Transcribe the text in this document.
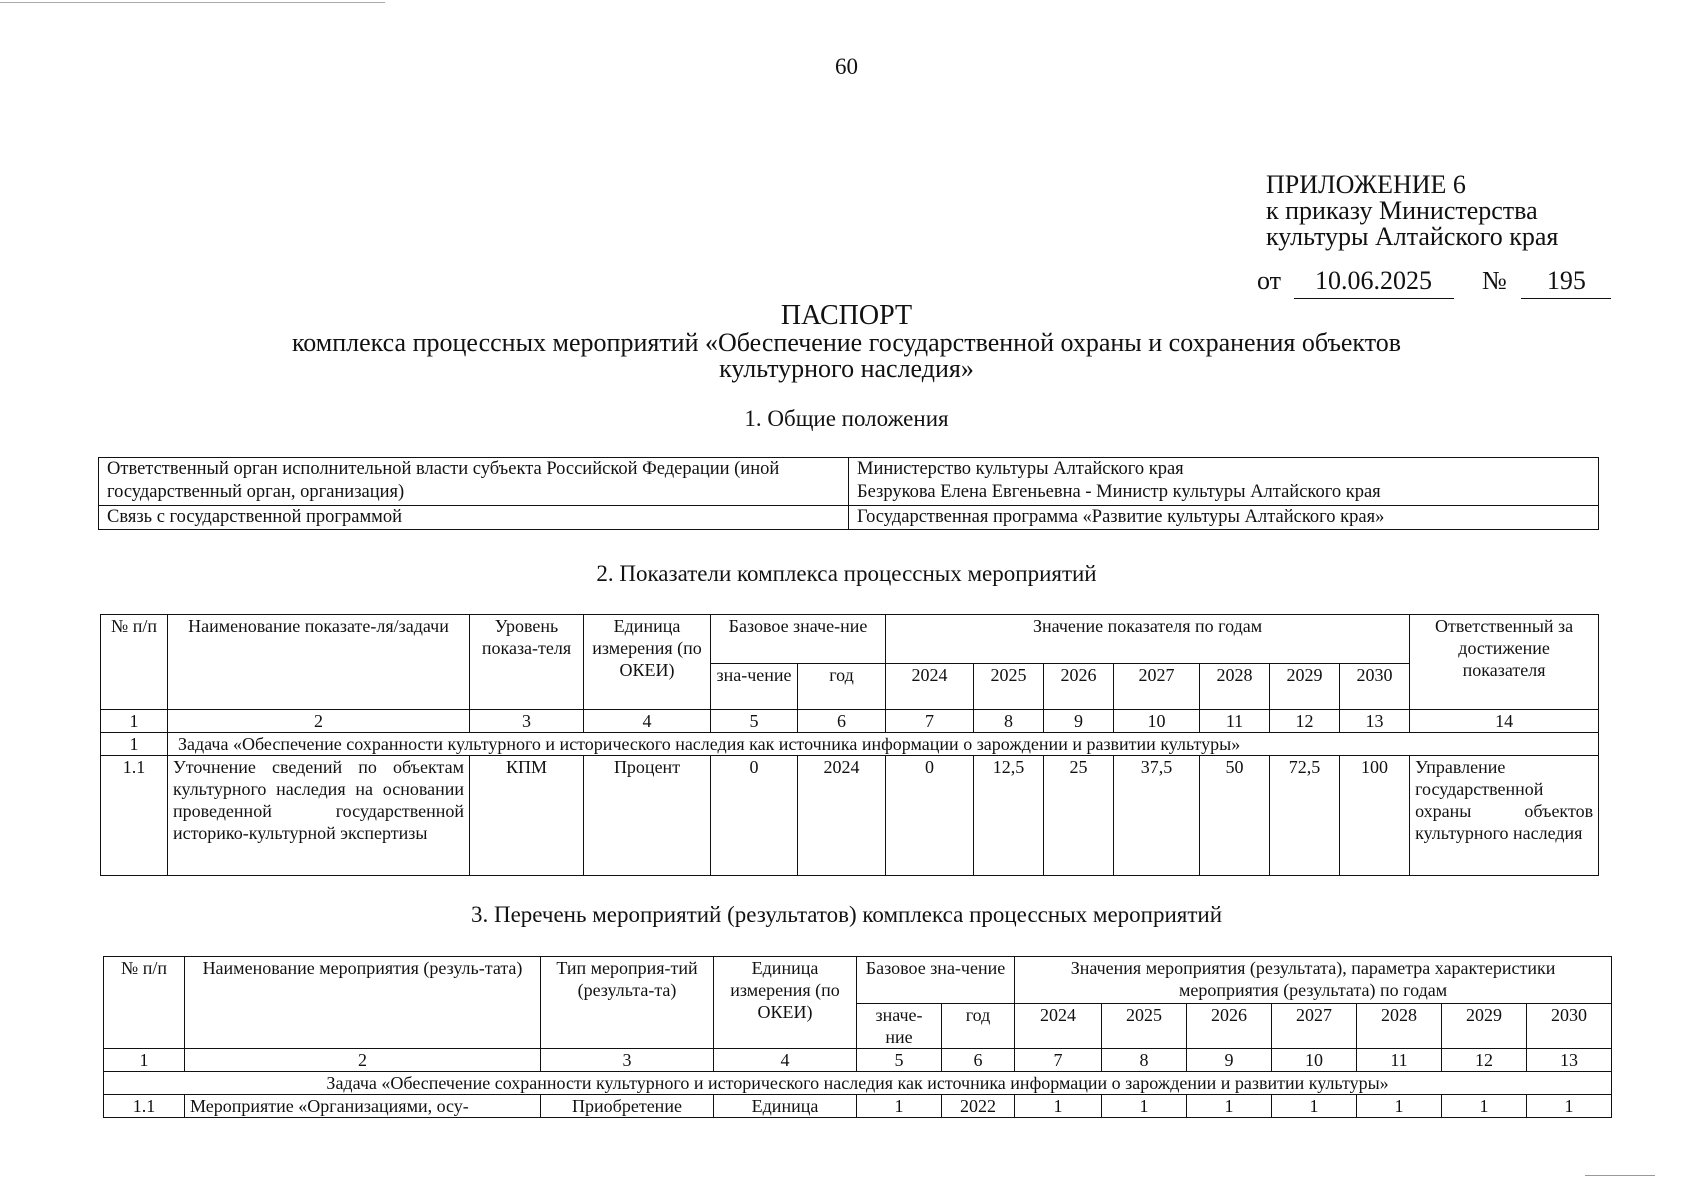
60
ПРИЛОЖЕНИЕ 6
к приказу Министерства
культуры Алтайского края
от 10.06.2025 № 195
ПАСПОРТ
комплекса процессных мероприятий «Обеспечение государственной охраны и сохранения объектов
культурного наследия»
1. Общие положения
Ответственный орган исполнительной власти субъекта Российской Федерации (иной государственный орган, организация)	Министерство культуры Алтайского края
Безрукова Елена Евгеньевна - Министр культуры Алтайского края

Связь с государственной программой	Государственная программа «Развитие культуры Алтайского края»
2. Показатели комплекса процессных мероприятий
№ п/п	Наименование показате-ля/задачи	Уровень показа-теля	Единица измерения (по ОКЕИ)	Базовое значе-ние		Значение показателя по годам							Ответственный за достижение показателя
				зна-чение	год	2024	2025	2026	2027	2028	2029	2030	
1	2	3	4	5	6	7	8	9	10	11	12	13	14
1	Задача «Обеспечение сохранности культурного и исторического наследия как источника информации о зарождении и развитии культуры»												
1.1	Уточнение сведений по объектам культурного наследия на основании проведенной государственной историко-культурной экспертизы	КПМ	Процент	0	2024	0	12,5	25	37,5	50	72,5	100	Управление государственной охраны объектов культурного наследия
3. Перечень мероприятий (результатов) комплекса процессных мероприятий
№ п/п	Наименование мероприятия (резуль-тата)	Тип мероприя-тий (результа-та)	Единица измерения (по ОКЕИ)	Базовое зна-чение		Значения мероприятия (результата), параметра характеристики мероприятия (результата) по годам						
				значе-ние	год	2024	2025	2026	2027	2028	2029	2030
1	2	3	4	5	6	7	8	9	10	11	12	13
Задача «Обеспечение сохранности культурного и исторического наследия как источника информации о зарождении и развитии культуры»												
1.1	Мероприятие «Организациями, осу-	Приобретение	Единица	1	2022	1	1	1	1	1	1	1
